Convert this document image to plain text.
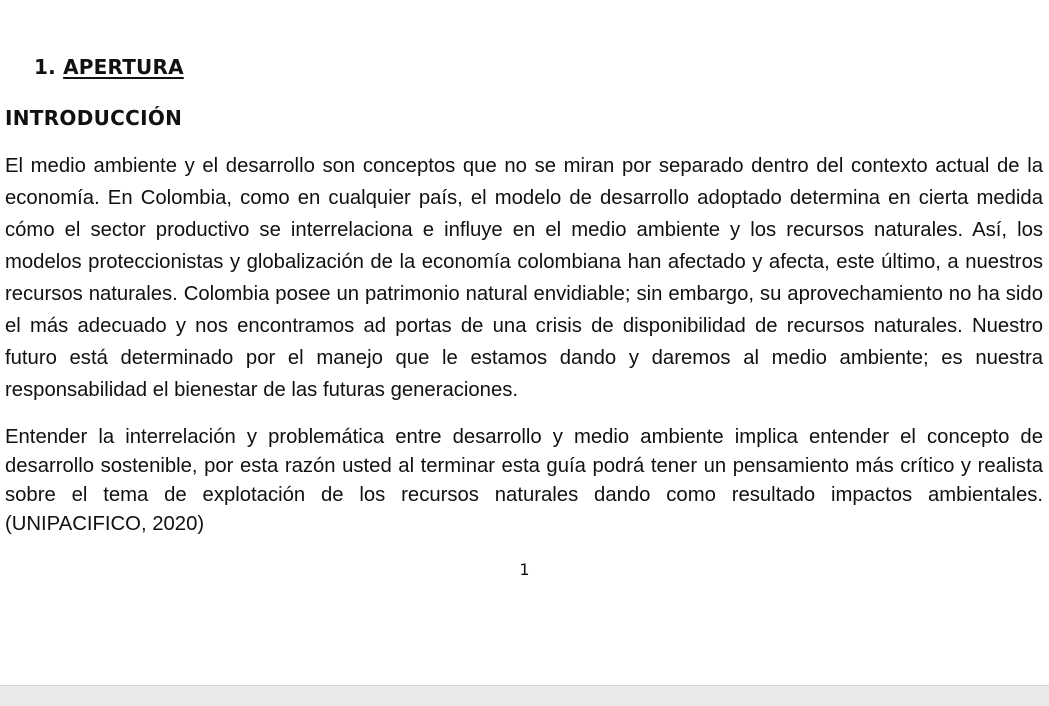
1. APERTURA
INTRODUCCIÓN

El medio ambiente y el desarrollo son conceptos que no se miran por separado dentro del contexto actual de la economía. En Colombia, como en cualquier país, el modelo de desarrollo adoptado determina en cierta medida cómo el sector productivo se interrelaciona e influye en el medio ambiente y los recursos naturales. Así, los modelos proteccionistas y globalización de la economía colombiana han afectado y afecta, este último, a nuestros recursos naturales. Colombia posee un patrimonio natural envidiable; sin embargo, su aprovechamiento no ha sido el más adecuado y nos encontramos ad portas de una crisis de disponibilidad de recursos naturales. Nuestro futuro está determinado por el manejo que le estamos dando y daremos al medio ambiente; es nuestra responsabilidad el bienestar de las futuras generaciones.

Entender la interrelación y problemática entre desarrollo y medio ambiente implica entender el concepto de desarrollo sostenible, por esta razón usted al terminar esta guía podrá tener un pensamiento más crítico y realista sobre el tema de explotación de los recursos naturales dando como resultado impactos ambientales. (UNIPACIFICO, 2020)

1
